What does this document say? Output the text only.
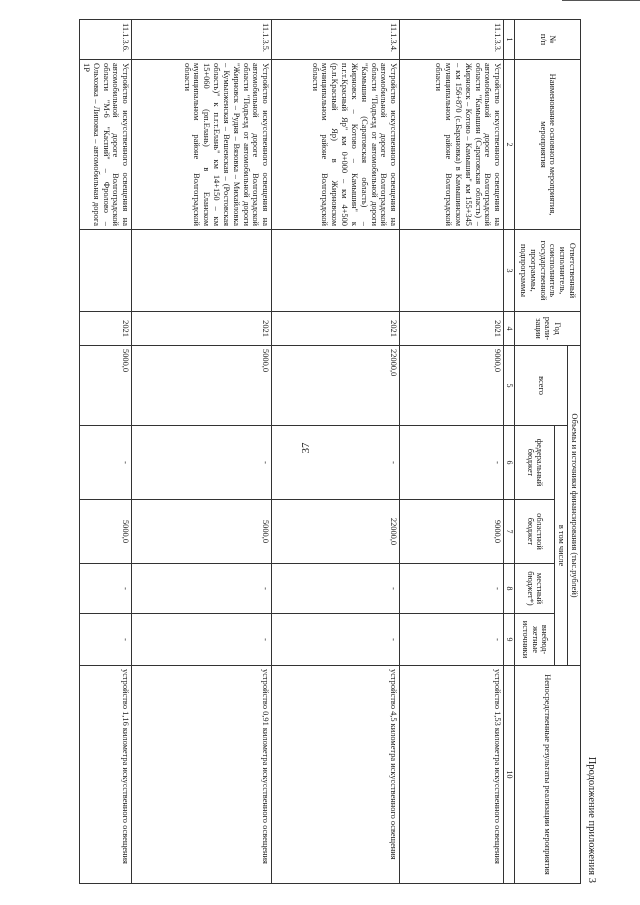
37
Продолжение приложения 3
№
п/п	Наименование основного мероприятия, мероприятия	Ответственный исполнитель, соисполнитель государственной программы, подпрограммы	Год реали-зации	Объемы и источники финансирования (тыс.рублей)					Непосредственные результаты реализации мероприятия
				всего	в том числе				
					федеральный бюджет	областной бюджет	местный бюджет*)	внебюд-жетные источники	
1	2	3	4	5	6	7	8	9	10
11.1.3.3.	Устройство искусственного освещения на автомобильной дороге Волгоградской области "Камышин (Саратовская область) – Жирновск – Котово – Камышин" км 155+345 – км 156+870 (с.Барановка) в Камышинском муниципальном районе Волгоградской области		2021	9000,0	-	9000,0	-	-	устройство 1,53 километра искусственного освещения
11.1.3.4.	Устройство искусственного освещения на автомобильной дороге Волгоградской области "Подъезд от автомобильной дороги "Камышин (Саратовская область) – Жирновск – Котово – Камышин" к п.г.т.Красный Яр" км 0+000 – км 4+500 (р.п.Красный Яр) в Жирновском муниципальном районе Волгоградской области		2021	22000,0	-	22000,0	-	-	устройство 4,5 километра искусственного освещения
11.1.3.5.	Устройство искусственного освещения на автомобильной дороге Волгоградской области "Подъезд от автомобильной дороги "Жирновск – Рудня – Вязовка – Михайловка – Кумылженская – Вешенская – (Ростовская область)" к п.г.т.Елань" км 14+150 – км 15+060 (рп.Елань) в Еланском муниципальном районе Волгоградской области		2021	5000,0	-	5000,0	-	-	устройство 0,91 километра искусственного освещения
11.1.3.6.	Устройство искусственного освещения на автомобильной дороге Волгоградской области "М-6 "Каспий" – Фролово – Ольховка – Липовка – автомобильная дорога 1Р		2021	5000,0	-	5000,0	-	-	устройство 1,16 километра искусственного освещения
